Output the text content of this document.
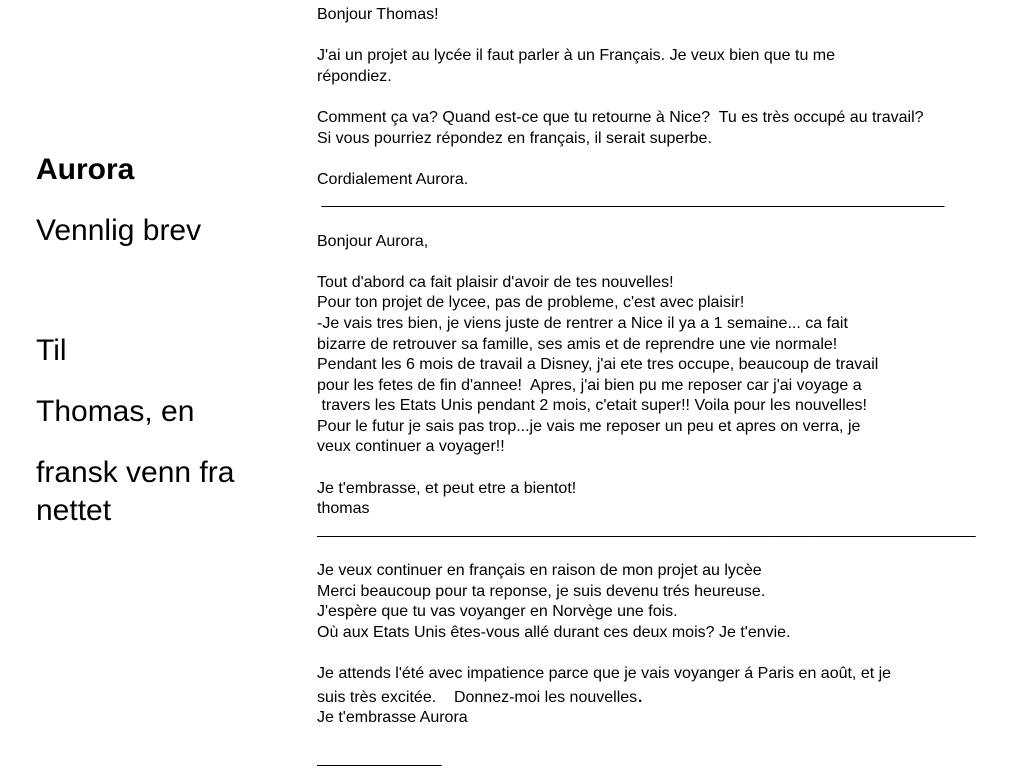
Aurora

Vennlig brev

Til

Thomas, en

fransk venn fra nettet

Bonjour Thomas!

J'ai un projet au lycée il faut parler à un Français. Je veux bien que tu me

répondiez.

Comment ça va? Quand est-ce que tu retourne à Nice?  Tu es très occupé au travail?

Si vous pourriez répondez en français, il serait superbe.

Cordialement Aurora.

______________________________________________________________________

Bonjour Aurora,

Tout d'abord ca fait plaisir d'avoir de tes nouvelles!

Pour ton projet de lycee, pas de probleme, c'est avec plaisir!

-Je vais tres bien, je viens juste de rentrer a Nice il ya a 1 semaine... ca fait

bizarre de retrouver sa famille, ses amis et de reprendre une vie normale!

Pendant les 6 mois de travail a Disney, j'ai ete tres occupe, beaucoup de travail

pour les fetes de fin d'annee!  Apres, j'ai bien pu me reposer car j'ai voyage a

travers les Etats Unis pendant 2 mois, c'etait super!! Voila pour les nouvelles!

Pour le futur je sais pas trop...je vais me reposer un peu et apres on verra, je

veux continuer a voyager!!

Je t'embrasse, et peut etre a bientot!

thomas

__________________________________________________________________________

Je veux continuer en français en raison de mon projet au lycèe

Merci beaucoup pour ta reponse, je suis devenu trés heureuse.

J'espère que tu vas voyanger en Norvège une fois.

Où aux Etats Unis êtes-vous allé durant ces deux mois? Je t'envie.

Je attends l'été avec impatience parce que je vais voyanger á Paris en août, et je

suis très excitée.    Donnez-moi les nouvelles.

Je t'embrasse Aurora

______________
